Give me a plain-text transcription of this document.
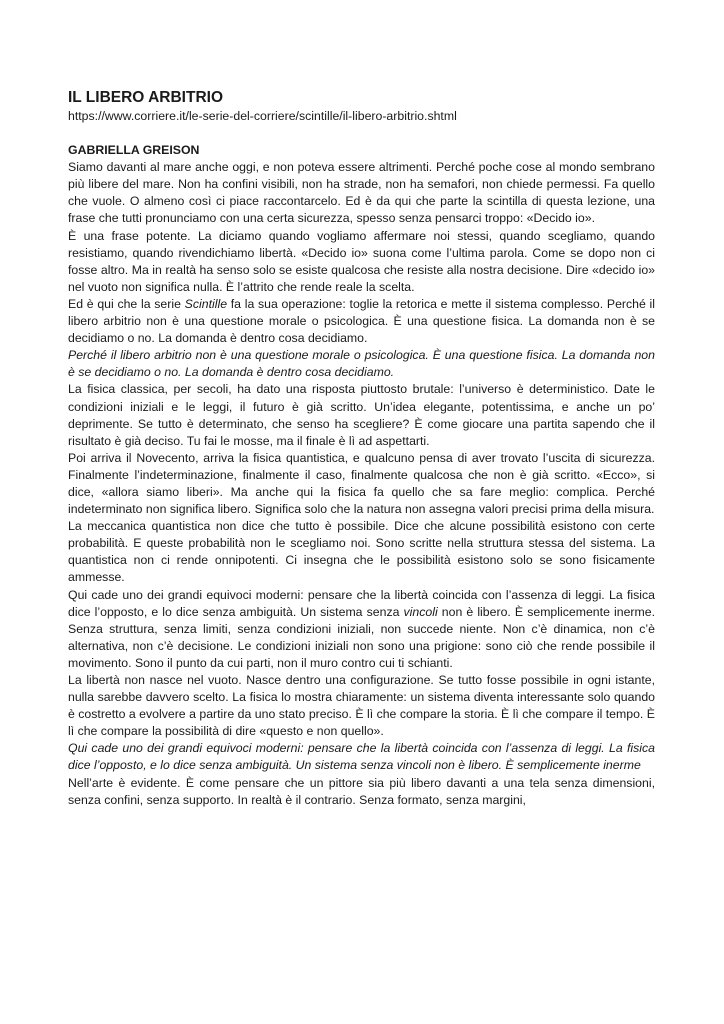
IL LIBERO ARBITRIO
https://www.corriere.it/le-serie-del-corriere/scintille/il-libero-arbitrio.shtml
GABRIELLA GREISON

Siamo davanti al mare anche oggi, e non poteva essere altrimenti. Perché poche cose al mondo sembrano più libere del mare. Non ha confini visibili, non ha strade, non ha semafori, non chiede permessi. Fa quello che vuole. O almeno così ci piace raccontarcelo. Ed è da qui che parte la scintilla di questa lezione, una frase che tutti pronunciamo con una certa sicurezza, spesso senza pensarci troppo: «Decido io».

È una frase potente. La diciamo quando vogliamo affermare noi stessi, quando scegliamo, quando resistiamo, quando rivendichiamo libertà. «Decido io» suona come l’ultima parola. Come se dopo non ci fosse altro. Ma in realtà ha senso solo se esiste qualcosa che resiste alla nostra decisione. Dire «decido io» nel vuoto non significa nulla. È l’attrito che rende reale la scelta.

Ed è qui che la serie Scintille fa la sua operazione: toglie la retorica e mette il sistema complesso. Perché il libero arbitrio non è una questione morale o psicologica. È una questione fisica. La domanda non è se decidiamo o no. La domanda è dentro cosa decidiamo.

Perché il libero arbitrio non è una questione morale o psicologica. È una questione fisica. La domanda non è se decidiamo o no. La domanda è dentro cosa decidiamo.

La fisica classica, per secoli, ha dato una risposta piuttosto brutale: l’universo è deterministico. Date le condizioni iniziali e le leggi, il futuro è già scritto. Un’idea elegante, potentissima, e anche un po’ deprimente. Se tutto è determinato, che senso ha scegliere? È come giocare una partita sapendo che il risultato è già deciso. Tu fai le mosse, ma il finale è lì ad aspettarti.

Poi arriva il Novecento, arriva la fisica quantistica, e qualcuno pensa di aver trovato l’uscita di sicurezza. Finalmente l’indeterminazione, finalmente il caso, finalmente qualcosa che non è già scritto. «Ecco», si dice, «allora siamo liberi». Ma anche qui la fisica fa quello che sa fare meglio: complica. Perché indeterminato non significa libero. Significa solo che la natura non assegna valori precisi prima della misura.

La meccanica quantistica non dice che tutto è possibile. Dice che alcune possibilità esistono con certe probabilità. E queste probabilità non le scegliamo noi. Sono scritte nella struttura stessa del sistema. La quantistica non ci rende onnipotenti. Ci insegna che le possibilità esistono solo se sono fisicamente ammesse.

Qui cade uno dei grandi equivoci moderni: pensare che la libertà coincida con l’assenza di leggi. La fisica dice l’opposto, e lo dice senza ambiguità. Un sistema senza vincoli non è libero. È semplicemente inerme. Senza struttura, senza limiti, senza condizioni iniziali, non succede niente. Non c’è dinamica, non c’è alternativa, non c’è decisione. Le condizioni iniziali non sono una prigione: sono ciò che rende possibile il movimento. Sono il punto da cui parti, non il muro contro cui ti schianti.

La libertà non nasce nel vuoto. Nasce dentro una configurazione. Se tutto fosse possibile in ogni istante, nulla sarebbe davvero scelto. La fisica lo mostra chiaramente: un sistema diventa interessante solo quando è costretto a evolvere a partire da uno stato preciso. È lì che compare la storia. È lì che compare il tempo. È lì che compare la possibilità di dire «questo e non quello».

Qui cade uno dei grandi equivoci moderni: pensare che la libertà coincida con l’assenza di leggi. La fisica dice l’opposto, e lo dice senza ambiguità. Un sistema senza vincoli non è libero. È semplicemente inerme

Nell’arte è evidente. È come pensare che un pittore sia più libero davanti a una tela senza dimensioni, senza confini, senza supporto. In realtà è il contrario. Senza formato, senza margini,
